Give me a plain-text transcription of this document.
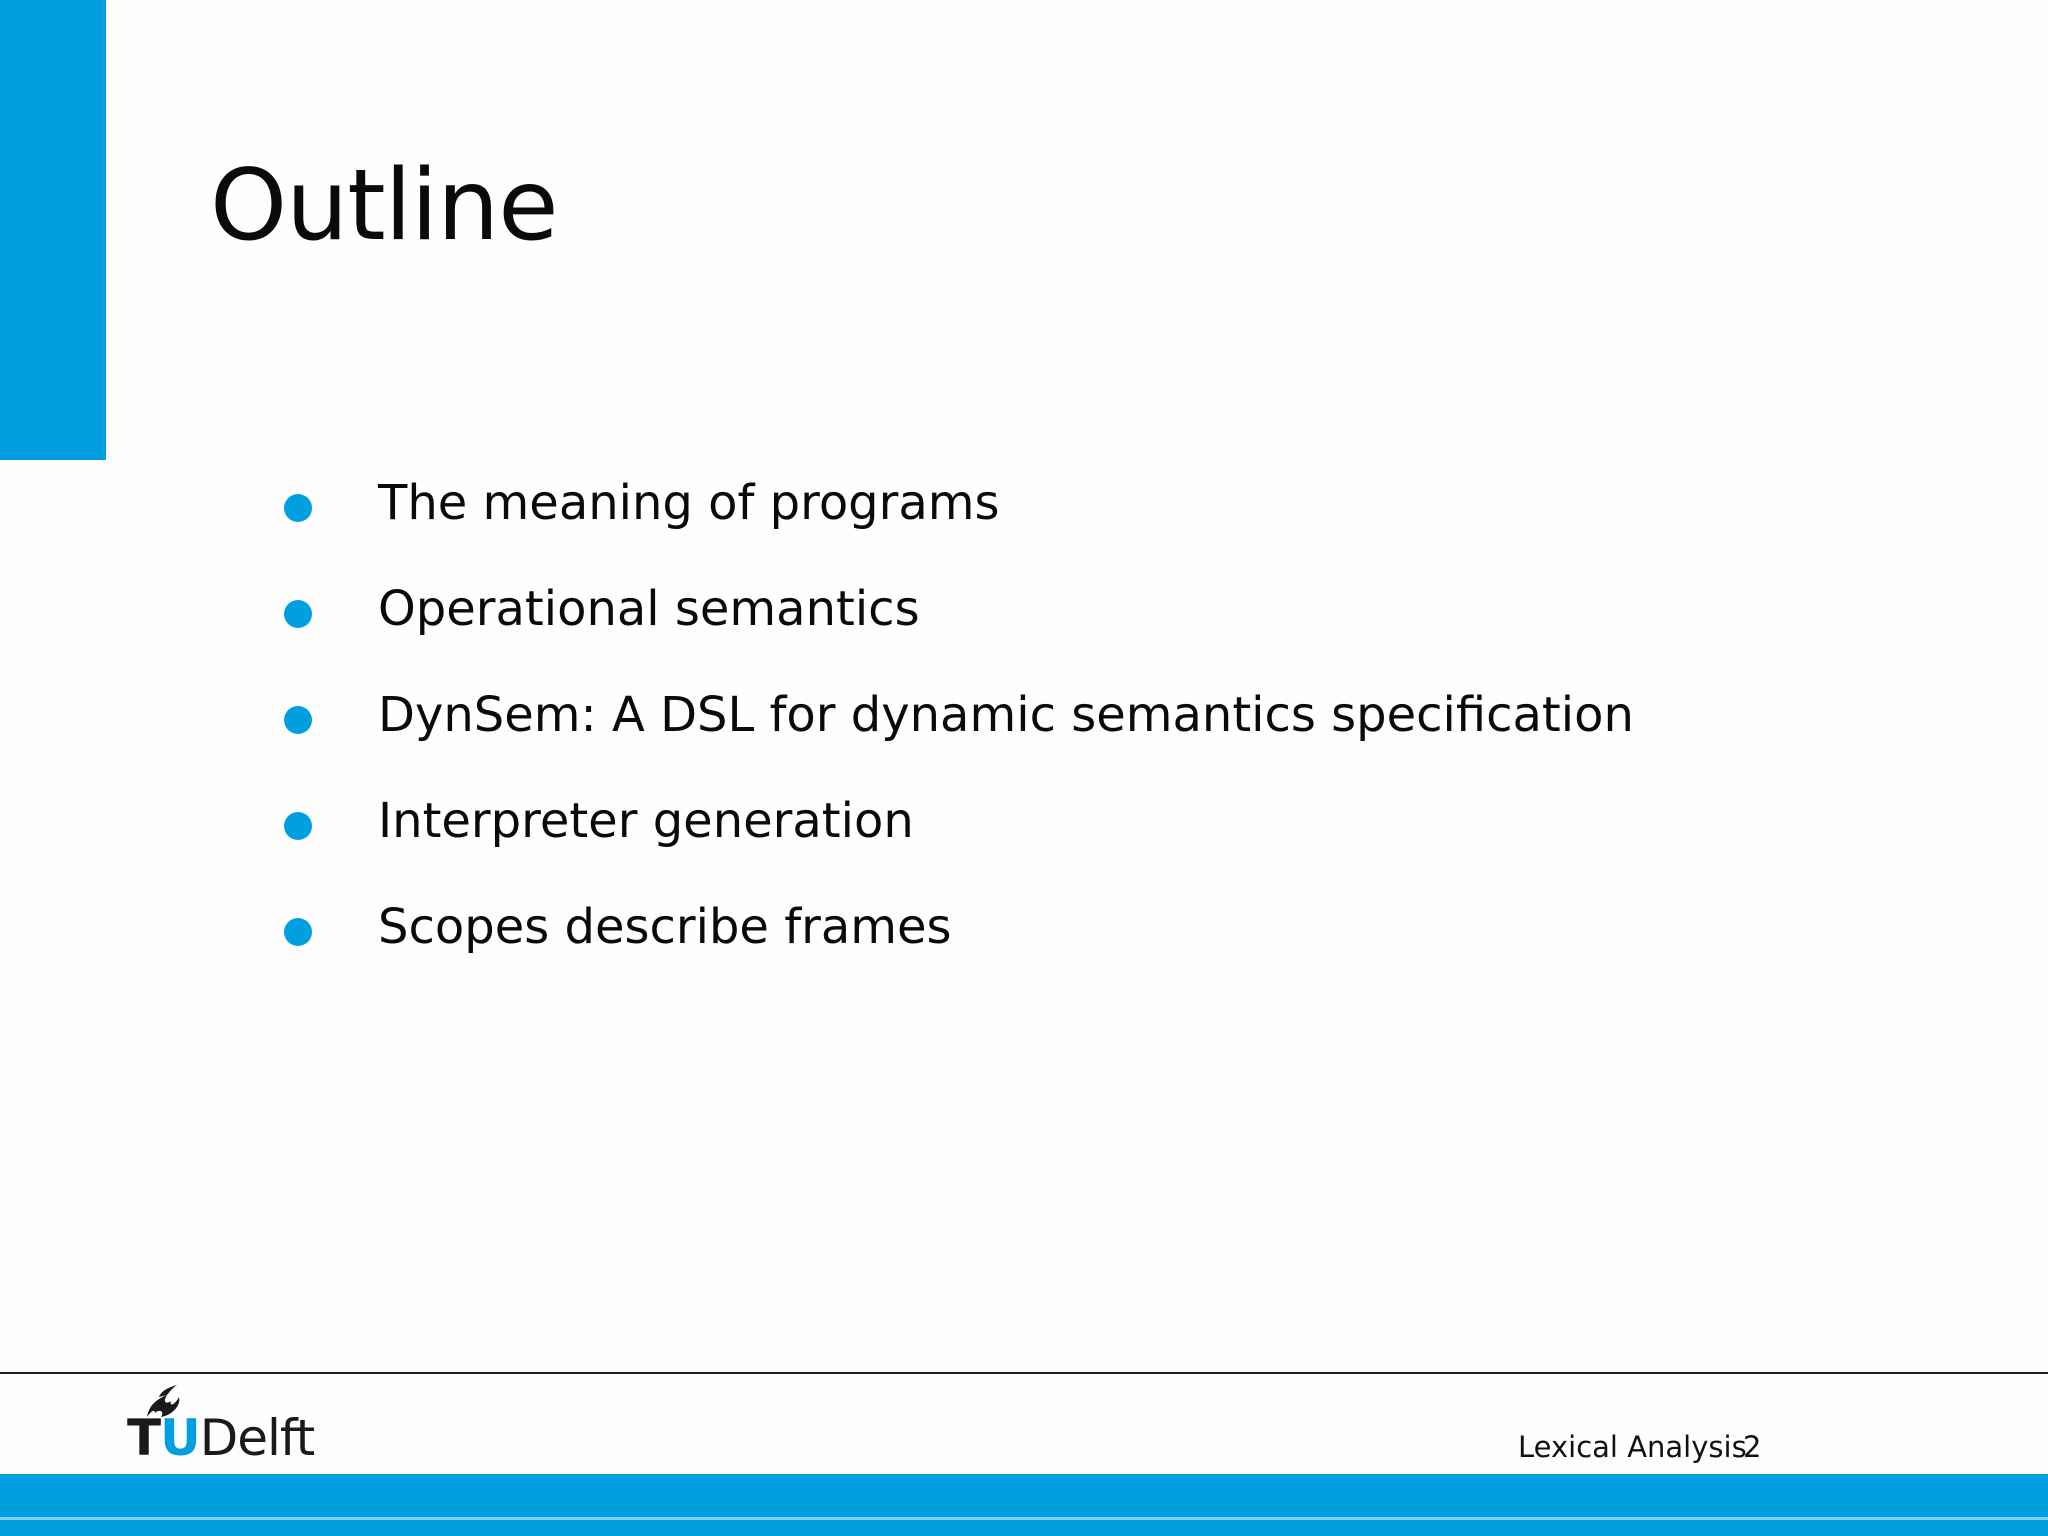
Outline
The meaning of programs
Operational semantics
DynSem: A DSL for dynamic semantics specification
Interpreter generation
Scopes describe frames
TUDelft	Lexical Analysis
2
